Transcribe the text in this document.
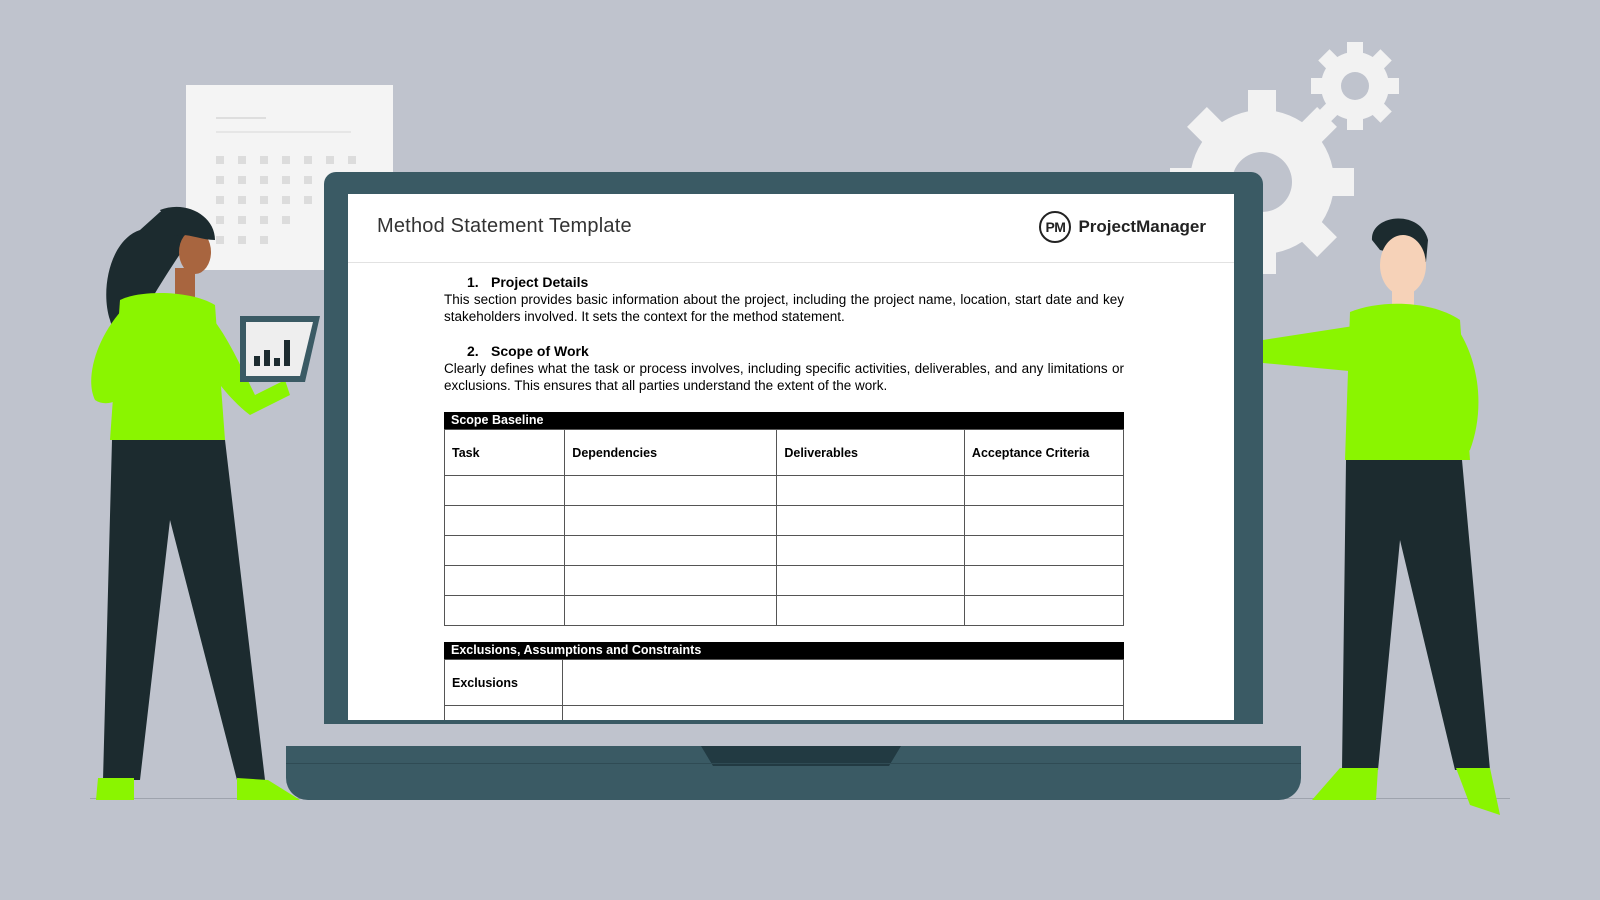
Method Statement Template	PM ProjectManager
1. Project Details

This section provides basic information about the project, including the project name, location, start date and key stakeholders involved. It sets the context for the method statement.

2. Scope of Work

Clearly defines what the task or process involves, including specific activities, deliverables, and any limitations or exclusions. This ensures that all parties understand the extent of the work.

Scope Baseline
Task	Dependencies	Deliverables	Acceptance Criteria

Exclusions, Assumptions and Constraints
Exclusions	
